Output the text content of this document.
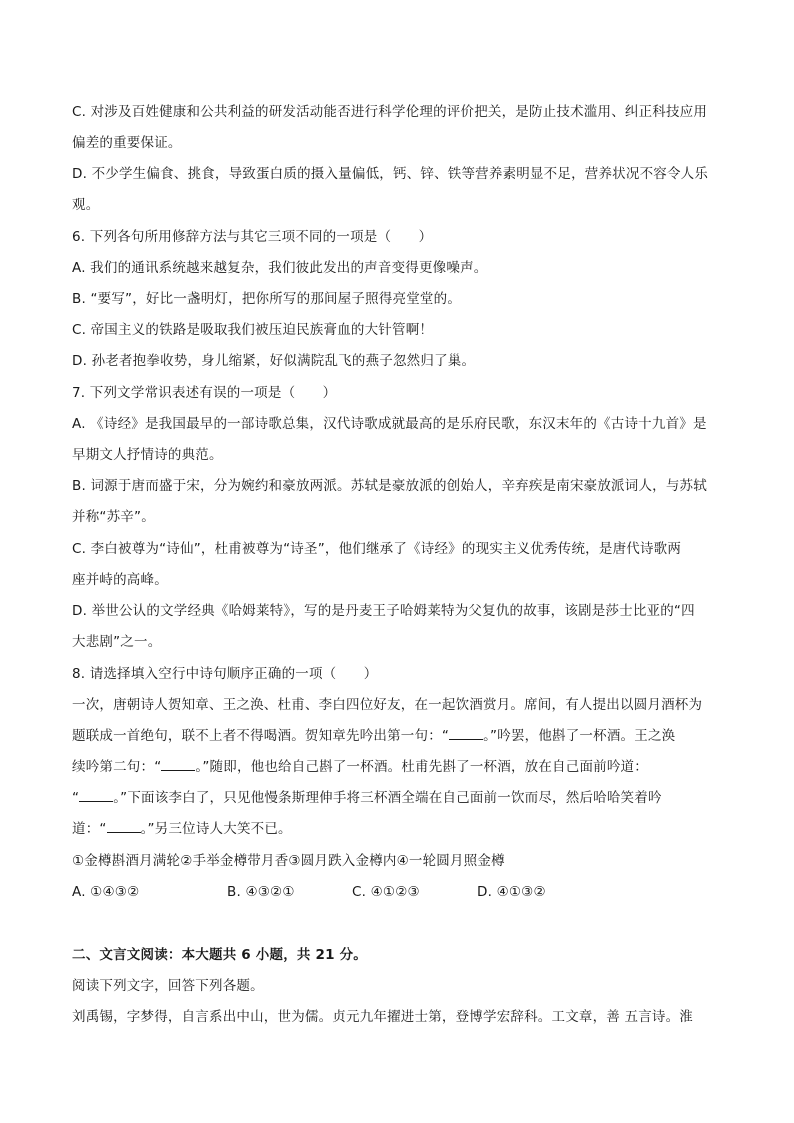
C. 对涉及百姓健康和公共利益的研发活动能否进行科学伦理的评价把关，是防止技术滥用、纠正科技应用
偏差的重要保证。
D. 不少学生偏食、挑食，导致蛋白质的摄入量偏低，钙、锌、铁等营养素明显不足，营养状况不容令人乐
观。
6. 下列各句所用修辞方法与其它三项不同的一项是（　　）
A. 我们的通讯系统越来越复杂，我们彼此发出的声音变得更像噪声。
B. “要写”，好比一盏明灯，把你所写的那间屋子照得亮堂堂的。
C. 帝国主义的铁路是吸取我们被压迫民族膏血的大针管啊！
D. 孙老者抱拳收势，身儿缩紧，好似满院乱飞的燕子忽然归了巢。
7. 下列文学常识表述有误的一项是（　　）
A. 《诗经》是我国最早的一部诗歌总集，汉代诗歌成就最高的是乐府民歌，东汉末年的《古诗十九首》是
早期文人抒情诗的典范。
B. 词源于唐而盛于宋，分为婉约和豪放两派。苏轼是豪放派的创始人，辛弃疾是南宋豪放派词人，与苏轼
并称“苏辛”。
C. 李白被尊为“诗仙”，杜甫被尊为“诗圣”，他们继承了《诗经》的现实主义优秀传统，是唐代诗歌两
座并峙的高峰。
D. 举世公认的文学经典《哈姆莱特》，写的是丹麦王子哈姆莱特为父复仇的故事，该剧是莎士比亚的“四
大悲剧”之一。
8. 请选择填入空行中诗句顺序正确的一项（　　）
一次，唐朝诗人贺知章、王之涣、杜甫、李白四位好友，在一起饮酒赏月。席间，有人提出以圆月酒杯为
题联成一首绝句，联不上者不得喝酒。贺知章先吟出第一句：“	。”吟罢，他斟了一杯酒。王之涣
续吟第二句：“	。”随即，他也给自己斟了一杯酒。杜甫先斟了一杯酒，放在自己面前吟道：
“	。”下面该李白了，只见他慢条斯理伸手将三杯酒全端在自己面前一饮而尽，然后哈哈笑着吟
道：“	。”另三位诗人大笑不已。
①金樽斟酒月满轮②手举金樽带月香③圆月跌入金樽内④一轮圆月照金樽
A. ①④③②	B. ④③②①	C. ④①②③	D. ④①③②
二、文言文阅读：本大题共 6 小题，共 21 分。
阅读下列文字，回答下列各题。
刘禹锡，字梦得，自言系出中山，世为儒。贞元九年擢进士第，登博学宏辞科。工文章，善 五言诗。淮
